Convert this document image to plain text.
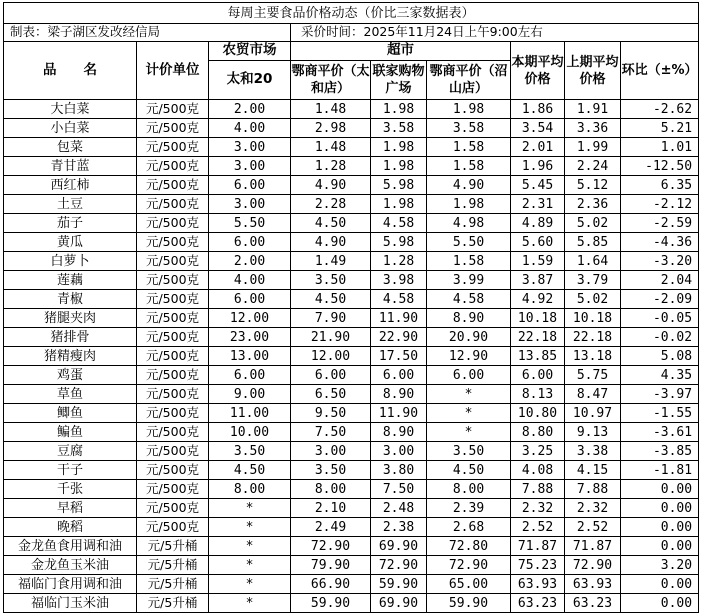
每周主要食品价格动态（价比三家数据表）								
制表：梁子湖区发改经信局			采价时间：2025年11月24日上午9:00左右					
品　　名	计价单位	农贸市场	超市			本期平均价格	上期平均价格	环比（±%）
		太和20	鄂商平价（太和店）	联家购物广场	鄂商平价（沼山店）			
大白菜	元/500克	2.00	1.48	1.98	1.98	1.86	1.91	-2.62
小白菜	元/500克	4.00	2.98	3.58	3.58	3.54	3.36	5.21
包菜	元/500克	3.00	1.48	1.98	1.58	2.01	1.99	1.01
青甘蓝	元/500克	3.00	1.28	1.98	1.58	1.96	2.24	-12.50
西红柿	元/500克	6.00	4.90	5.98	4.90	5.45	5.12	6.35
土豆	元/500克	3.00	2.28	1.98	1.98	2.31	2.36	-2.12
茄子	元/500克	5.50	4.50	4.58	4.98	4.89	5.02	-2.59
黄瓜	元/500克	6.00	4.90	5.98	5.50	5.60	5.85	-4.36
白萝卜	元/500克	2.00	1.49	1.28	1.58	1.59	1.64	-3.20
莲藕	元/500克	4.00	3.50	3.98	3.99	3.87	3.79	2.04
青椒	元/500克	6.00	4.50	4.58	4.58	4.92	5.02	-2.09
猪腿夹肉	元/500克	12.00	7.90	11.90	8.90	10.18	10.18	-0.05
猪排骨	元/500克	23.00	21.90	22.90	20.90	22.18	22.18	-0.02
猪精瘦肉	元/500克	13.00	12.00	17.50	12.90	13.85	13.18	5.08
鸡蛋	元/500克	6.00	6.00	6.00	6.00	6.00	5.75	4.35
草鱼	元/500克	9.00	6.50	8.90	*	8.13	8.47	-3.97
鲫鱼	元/500克	11.00	9.50	11.90	*	10.80	10.97	-1.55
鳊鱼	元/500克	10.00	7.50	8.90	*	8.80	9.13	-3.61
豆腐	元/500克	3.50	3.00	3.00	3.50	3.25	3.38	-3.85
干子	元/500克	4.50	3.50	3.80	4.50	4.08	4.15	-1.81
千张	元/500克	8.00	8.00	7.50	8.00	7.88	7.88	0.00
早稻	元/500克	*	2.10	2.48	2.39	2.32	2.32	0.00
晚稻	元/500克	*	2.49	2.38	2.68	2.52	2.52	0.00
金龙鱼食用调和油	元/5升桶	*	72.90	69.90	72.80	71.87	71.87	0.00
金龙鱼玉米油	元/5升桶	*	79.90	72.90	72.90	75.23	72.90	3.20
福临门食用调和油	元/5升桶	*	66.90	59.90	65.00	63.93	63.93	0.00
福临门玉米油	元/5升桶	*	59.90	69.90	59.90	63.23	63.23	0.00
